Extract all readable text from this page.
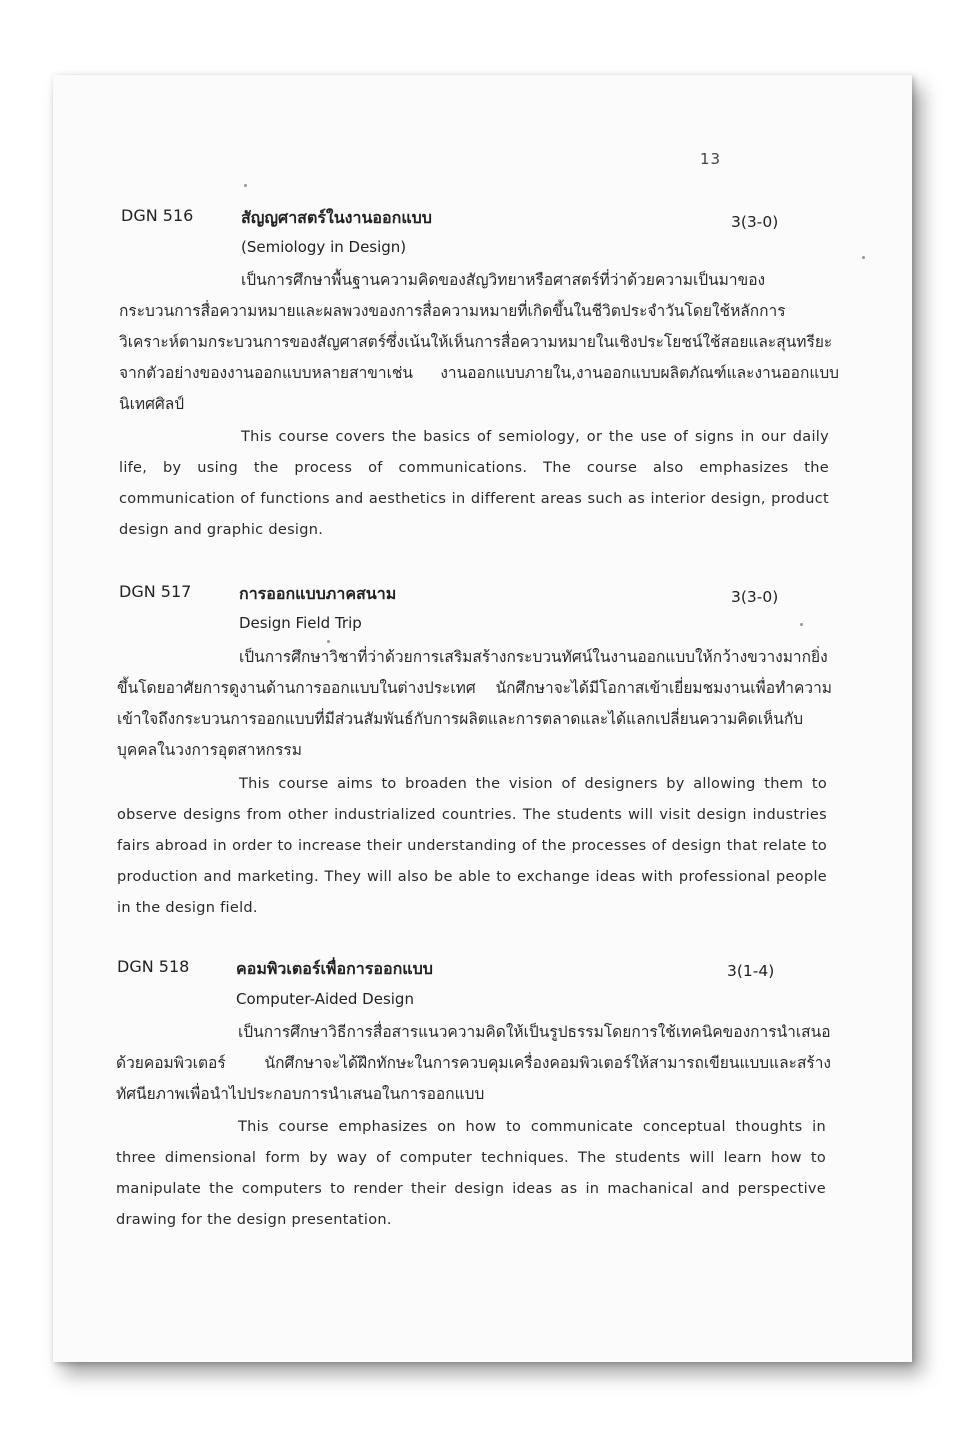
13
DGN 516	สัญญศาสตร์ในงานออกแบบ	3(3-0)
(Semiology in Design)

เป็นการศึกษาพื้นฐานความคิดของสัญวิทยาหรือศาสตร์ที่ว่าด้วยความเป็นมาของกระบวนการสื่อความหมายและผลพวงของการสื่อความหมายที่เกิดขึ้นในชีวิตประจำวันโดยใช้หลักการวิเคราะห์ตามกระบวนการของสัญศาสตร์ซึ่งเน้นให้เห็นการสื่อความหมายในเชิงประโยชน์ใช้สอยและสุนทรียะจากตัวอย่างของงานออกแบบหลายสาขาเช่น งานออกแบบภายใน,งานออกแบบผลิตภัณฑ์และงานออกแบบนิเทศศิลป์

This course covers the basics of semiology, or the use of signs in our daily life, by using the process of communications. The course also emphasizes the communication of functions and aesthetics in different areas such as interior design, product design and graphic design.

DGN 517	การออกแบบภาคสนาม	3(3-0)
Design Field Trip

เป็นการศึกษาวิชาที่ว่าด้วยการเสริมสร้างกระบวนทัศน์ในงานออกแบบให้กว้างขวางมากยิ่งขึ้นโดยอาศัยการดูงานด้านการออกแบบในต่างประเทศ นักศึกษาจะได้มีโอกาสเข้าเยี่ยมชมงานเพื่อทำความเข้าใจถึงกระบวนการออกแบบที่มีส่วนสัมพันธ์กับการผลิตและการตลาดและได้แลกเปลี่ยนความคิดเห็นกับบุคคลในวงการอุตสาหกรรม

This course aims to broaden the vision of designers by allowing them to observe designs from other industrialized countries. The students will visit design industries fairs abroad in order to increase their understanding of the processes of design that relate to production and marketing. They will also be able to exchange ideas with professional people in the design field.

DGN 518	คอมพิวเตอร์เพื่อการออกแบบ	3(1-4)
Computer-Aided Design

เป็นการศึกษาวิธีการสื่อสารแนวความคิดให้เป็นรูปธรรมโดยการใช้เทคนิคของการนำเสนอด้วยคอมพิวเตอร์ นักศึกษาจะได้ฝึกทักษะในการควบคุมเครื่องคอมพิวเตอร์ให้สามารถเขียนแบบและสร้างทัศนียภาพเพื่อนำไปประกอบการนำเสนอในการออกแบบ

This course emphasizes on how to communicate conceptual thoughts in three dimensional form by way of computer techniques. The students will learn how to manipulate the computers to render their design ideas as in machanical and perspective drawing for the design presentation.
